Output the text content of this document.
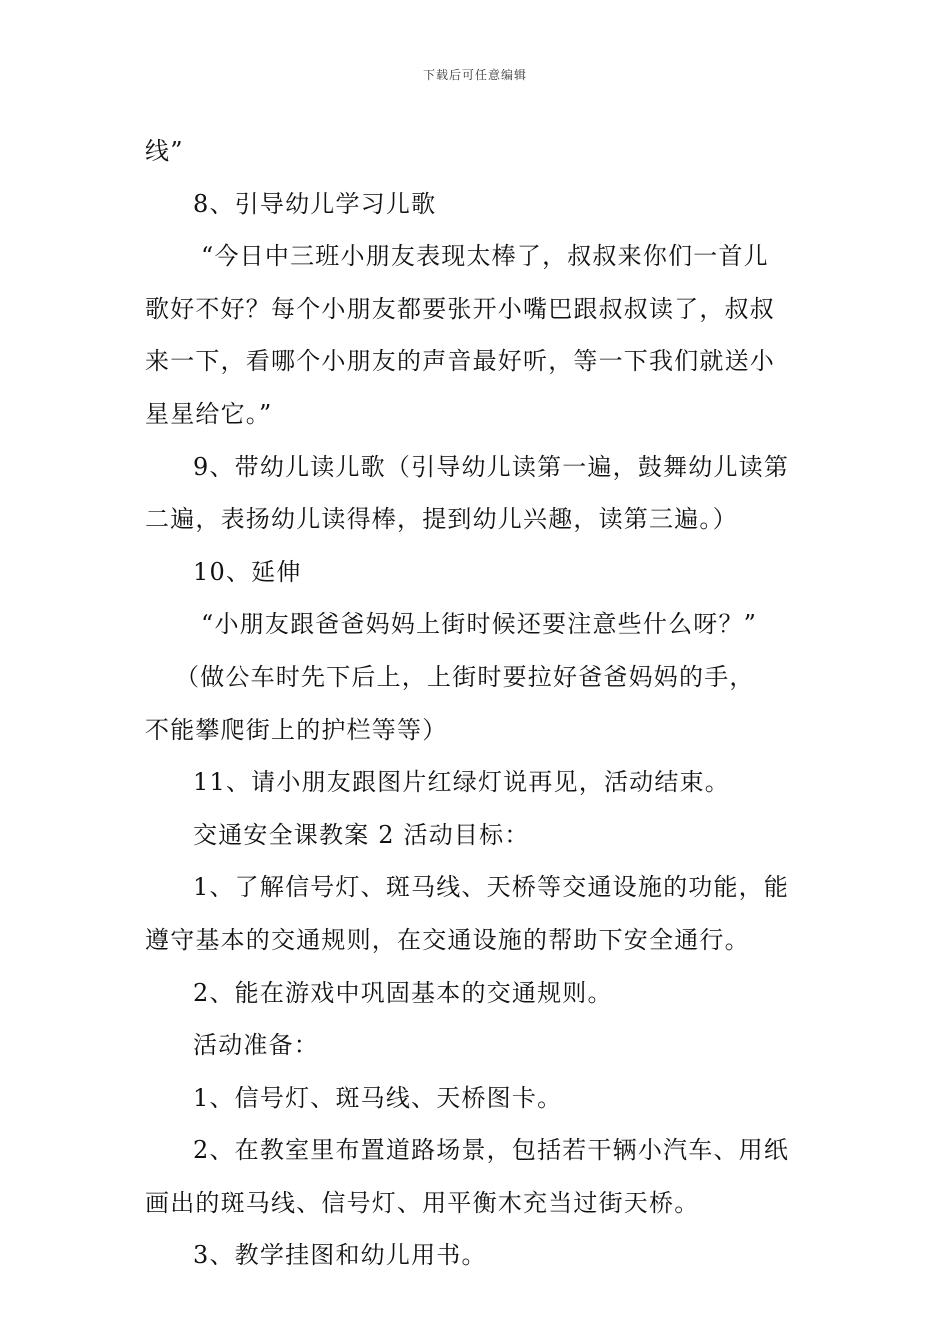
下载后可任意编辑
线”
8、引导幼儿学习儿歌
“今日中三班小朋友表现太棒了，叔叔来你们一首儿
歌好不好？每个小朋友都要张开小嘴巴跟叔叔读了，叔叔
来一下，看哪个小朋友的声音最好听，等一下我们就送小
星星给它。”
9、带幼儿读儿歌（引导幼儿读第一遍，鼓舞幼儿读第
二遍，表扬幼儿读得棒，提到幼儿兴趣，读第三遍。）
10、延伸
“小朋友跟爸爸妈妈上街时候还要注意些什么呀？”
（做公车时先下后上，上街时要拉好爸爸妈妈的手，
不能攀爬街上的护栏等等）
11、请小朋友跟图片红绿灯说再见，活动结束。
交通安全课教案 2 活动目标：
1、了解信号灯、斑马线、天桥等交通设施的功能，能
遵守基本的交通规则，在交通设施的帮助下安全通行。
2、能在游戏中巩固基本的交通规则。
活动准备：
1、信号灯、斑马线、天桥图卡。
2、在教室里布置道路场景，包括若干辆小汽车、用纸
画出的斑马线、信号灯、用平衡木充当过街天桥。
3、教学挂图和幼儿用书。
